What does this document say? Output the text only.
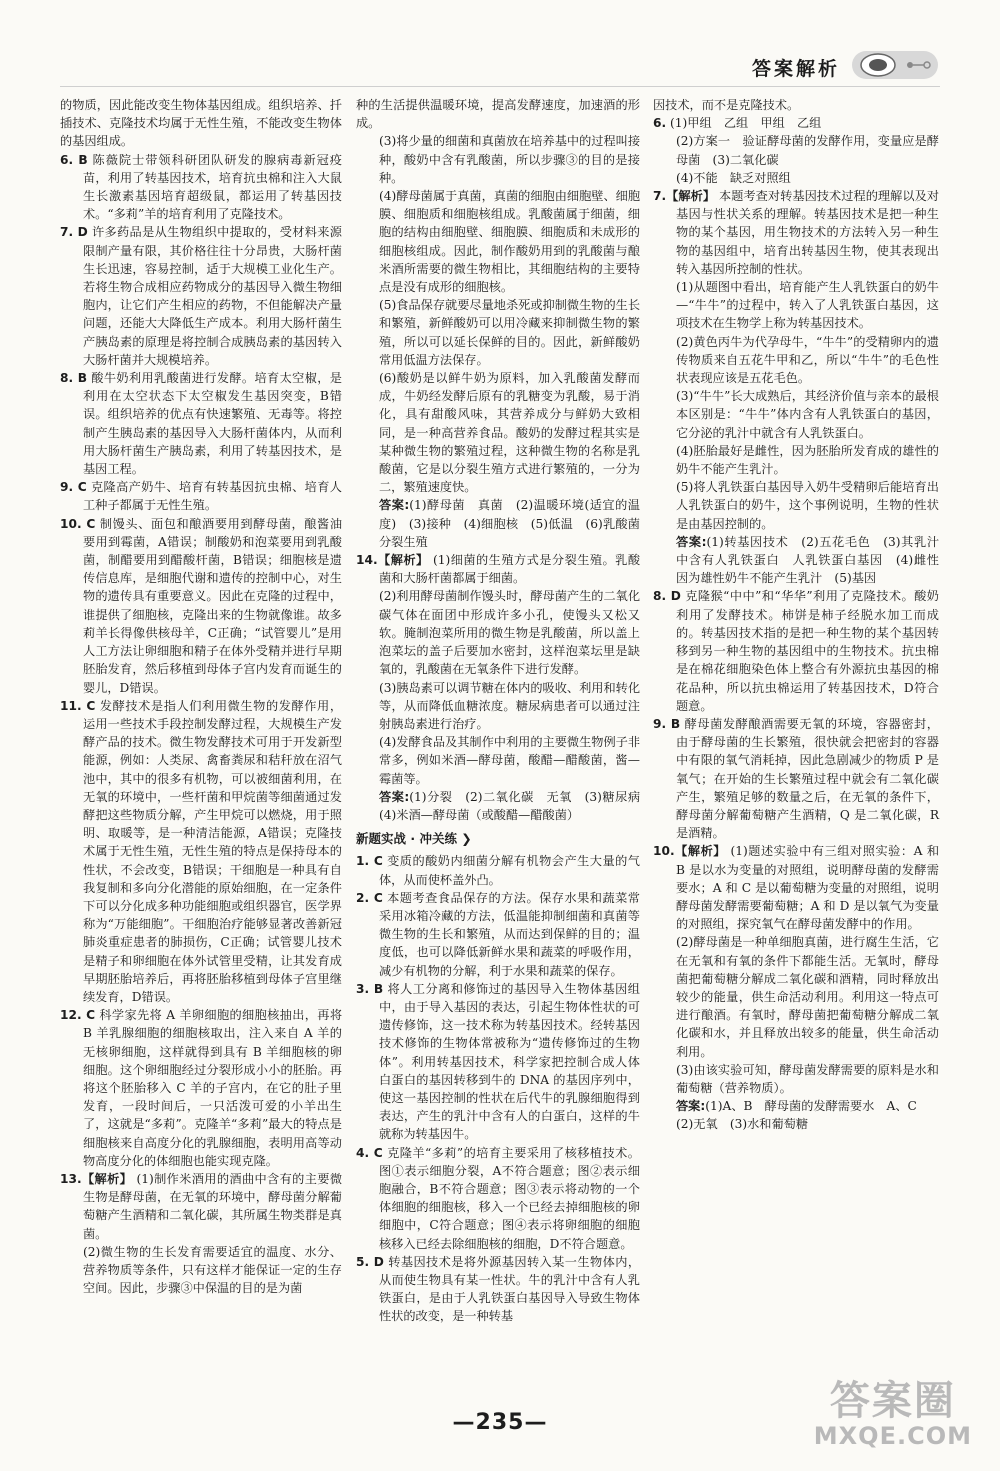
答案解析
的物质，因此能改变生物体基因组成。组织培养、扦插技术、克隆技术均属于无性生殖，不能改变生物体的基因组成。
6. B 陈薇院士带领科研团队研发的腺病毒新冠疫苗，利用了转基因技术，培育抗虫棉和注入大鼠生长激素基因培育超级鼠，都运用了转基因技术。“多莉”羊的培育利用了克隆技术。
7. D 许多药品是从生物组织中提取的，受材料来源限制产量有限，其价格往往十分昂贵，大肠杆菌生长迅速，容易控制，适于大规模工业化生产。若将生物合成相应药物成分的基因导入微生物细胞内，让它们产生相应的药物，不但能解决产量问题，还能大大降低生产成本。利用大肠杆菌生产胰岛素的原理是将控制合成胰岛素的基因转入大肠杆菌并大规模培养。
8. B 酸牛奶利用乳酸菌进行发酵。培育太空椒，是利用在太空状态下太空椒发生基因突变，B错误。组织培养的优点有快速繁殖、无毒等。将控制产生胰岛素的基因导入大肠杆菌体内，从而利用大肠杆菌生产胰岛素，利用了转基因技术，是基因工程。
9. C 克隆高产奶牛、培育有转基因抗虫棉、培育人工种子都属于无性生殖。
10. C 制馒头、面包和酿酒要用到酵母菌，酿酱油要用到霉菌，A错误；制酸奶和泡菜要用到乳酸菌，制醋要用到醋酸杆菌，B错误；细胞核是遗传信息库，是细胞代谢和遗传的控制中心，对生物的遗传具有重要意义。因此在克隆的过程中，谁提供了细胞核，克隆出来的生物就像谁。故多莉羊长得像供核母羊，C正确；“试管婴儿”是用人工方法让卵细胞和精子在体外受精并进行早期胚胎发育，然后移植到母体子宫内发育而诞生的婴儿，D错误。
11. C 发酵技术是指人们利用微生物的发酵作用，运用一些技术手段控制发酵过程，大规模生产发酵产品的技术。微生物发酵技术可用于开发新型能源，例如：人类尿、禽畜粪尿和秸秆放在沼气池中，其中的很多有机物，可以被细菌利用，在无氧的环境中，一些杆菌和甲烷菌等细菌通过发酵把这些物质分解，产生甲烷可以燃烧，用于照明、取暖等，是一种清洁能源，A错误；克隆技术属于无性生殖，无性生殖的特点是保持母本的性状，不会改变，B错误；干细胞是一种具有自我复制和多向分化潜能的原始细胞，在一定条件下可以分化成多种功能细胞或组织器官，医学界称为“万能细胞”。干细胞治疗能够显著改善新冠肺炎重症患者的肺损伤，C正确；试管婴儿技术是精子和卵细胞在体外试管里受精，让其发育成早期胚胎培养后，再将胚胎移植到母体子宫里继续发育，D错误。
12. C 科学家先将 A 羊卵细胞的细胞核抽出，再将 B 羊乳腺细胞的细胞核取出，注入来自 A 羊的无核卵细胞，这样就得到具有 B 羊细胞核的卵细胞。这个卵细胞经过分裂形成小小的胚胎。再将这个胚胎移入 C 羊的子宫内，在它的肚子里发育，一段时间后，一只活泼可爱的小羊出生了，这就是“多莉”。克隆羊“多莉”最大的特点是细胞核来自高度分化的乳腺细胞，表明用高等动物高度分化的体细胞也能实现克隆。
13.【解析】 (1)制作米酒用的酒曲中含有的主要微生物是酵母菌，在无氧的环境中，酵母菌分解葡萄糖产生酒精和二氧化碳，其所属生物类群是真菌。
(2)微生物的生长发育需要适宜的温度、水分、营养物质等条件，只有这样才能保证一定的生存空间。因此，步骤③中保温的目的是为菌
种的生活提供温暖环境，提高发酵速度，加速酒的形成。
(3)将少量的细菌和真菌放在培养基中的过程叫接种，酸奶中含有乳酸菌，所以步骤③的目的是接种。
(4)酵母菌属于真菌，真菌的细胞由细胞壁、细胞膜、细胞质和细胞核组成。乳酸菌属于细菌，细胞的结构由细胞壁、细胞膜、细胞质和未成形的细胞核组成。因此，制作酸奶用到的乳酸菌与酿米酒所需要的微生物相比，其细胞结构的主要特点是没有成形的细胞核。
(5)食品保存就要尽量地杀死或抑制微生物的生长和繁殖，新鲜酸奶可以用冷藏来抑制微生物的繁殖，所以可以延长保鲜的目的。因此，新鲜酸奶常用低温方法保存。
(6)酸奶是以鲜牛奶为原料，加入乳酸菌发酵而成，牛奶经发酵后原有的乳糖变为乳酸，易于消化，具有甜酸风味，其营养成分与鲜奶大致相同，是一种高营养食品。酸奶的发酵过程其实是某种微生物的繁殖过程，这种微生物的名称是乳酸菌，它是以分裂生殖方式进行繁殖的，一分为二，繁殖速度快。
答案:(1)酵母菌　真菌　(2)温暖环境(适宜的温度)　(3)接种　(4)细胞核　(5)低温　(6)乳酸菌　分裂生殖
14.【解析】 (1)细菌的生殖方式是分裂生殖。乳酸菌和大肠杆菌都属于细菌。
(2)利用酵母菌制作馒头时，酵母菌产生的二氧化碳气体在面团中形成许多小孔，使馒头又松又软。腌制泡菜所用的微生物是乳酸菌，所以盖上泡菜坛的盖子后要加水密封，这样泡菜坛里是缺氧的，乳酸菌在无氧条件下进行发酵。
(3)胰岛素可以调节糖在体内的吸收、利用和转化等，从而降低血糖浓度。糖尿病患者可以通过注射胰岛素进行治疗。
(4)发酵食品及其制作中利用的主要微生物例子非常多，例如米酒—酵母菌，酸醋—醋酸菌，酱—霉菌等。
答案:(1)分裂　(2)二氧化碳　无氧　(3)糖尿病　(4)米酒—酵母菌（或酸醋—醋酸菌）
新题实战 · 冲关练 ❯
1. C 变质的酸奶内细菌分解有机物会产生大量的气体，从而使杯盖外凸。
2. C 本题考查食品保存的方法。保存水果和蔬菜常采用冰箱冷藏的方法，低温能抑制细菌和真菌等微生物的生长和繁殖，从而达到保鲜的目的；温度低，也可以降低新鲜水果和蔬菜的呼吸作用，减少有机物的分解，利于水果和蔬菜的保存。
3. B 将人工分离和修饰过的基因导入生物体基因组中，由于导入基因的表达，引起生物体性状的可遗传修饰，这一技术称为转基因技术。经转基因技术修饰的生物体常被称为“遗传修饰过的生物体”。利用转基因技术，科学家把控制合成人体白蛋白的基因转移到牛的 DNA 的基因序列中，使这一基因控制的性状在后代牛的乳腺细胞得到表达，产生的乳汁中含有人的白蛋白，这样的牛就称为转基因牛。
4. C 克隆羊“多莉”的培育主要采用了核移植技术。图①表示细胞分裂，A不符合题意；图②表示细胞融合，B不符合题意；图③表示将动物的一个体细胞的细胞核，移入一个已经去掉细胞核的卵细胞中，C符合题意；图④表示将卵细胞的细胞核移入已经去除细胞核的细胞，D不符合题意。
5. D 转基因技术是将外源基因转入某一生物体内，从而使生物具有某一性状。牛的乳汁中含有人乳铁蛋白，是由于人乳铁蛋白基因导入导致生物体性状的改变，是一种转基
因技术，而不是克隆技术。
6. (1)甲组　乙组　甲组　乙组
(2)方案一　验证酵母菌的发酵作用，变量应是酵母菌　(3)二氧化碳
(4)不能　缺乏对照组
7.【解析】 本题考查对转基因技术过程的理解以及对基因与性状关系的理解。转基因技术是把一种生物的某个基因，用生物技术的方法转入另一种生物的基因组中，培育出转基因生物，使其表现出转入基因所控制的性状。
(1)从题图中看出，培育能产生人乳铁蛋白的奶牛—“牛牛”的过程中，转入了人乳铁蛋白基因，这项技术在生物学上称为转基因技术。
(2)黄色丙牛为代孕母牛，“牛牛”的受精卵内的遗传物质来自五花牛甲和乙，所以“牛牛”的毛色性状表现应该是五花毛色。
(3)“牛牛”长大成熟后，其经济价值与亲本的最根本区别是：“牛牛”体内含有人乳铁蛋白的基因，它分泌的乳汁中就含有人乳铁蛋白。
(4)胚胎最好是雌性，因为胚胎所发育成的雄性的奶牛不能产生乳汁。
(5)将人乳铁蛋白基因导入奶牛受精卵后能培育出人乳铁蛋白的奶牛，这个事例说明，生物的性状是由基因控制的。
答案:(1)转基因技术　(2)五花毛色　(3)其乳汁中含有人乳铁蛋白　人乳铁蛋白基因　(4)雌性　因为雄性奶牛不能产生乳汁　(5)基因
8. D 克隆猴“中中”和“华华”利用了克隆技术。酸奶利用了发酵技术。柿饼是柿子经脱水加工而成的。转基因技术指的是把一种生物的某个基因转移到另一种生物的基因组中的生物技术。抗虫棉是在棉花细胞染色体上整合有外源抗虫基因的棉花品种，所以抗虫棉运用了转基因技术，D符合题意。
9. B 酵母菌发酵酿酒需要无氧的环境，容器密封，由于酵母菌的生长繁殖，很快就会把密封的容器中有限的氧气消耗掉，因此急剧减少的物质 P 是氧气；在开始的生长繁殖过程中就会有二氧化碳产生，繁殖足够的数量之后，在无氧的条件下，酵母菌分解葡萄糖产生酒精，Q 是二氧化碳，R 是酒精。
10.【解析】 (1)题述实验中有三组对照实验：A 和 B 是以水为变量的对照组，说明酵母菌的发酵需要水；A 和 C 是以葡萄糖为变量的对照组，说明酵母菌发酵需要葡萄糖；A 和 D 是以氧气为变量的对照组，探究氧气在酵母菌发酵中的作用。
(2)酵母菌是一种单细胞真菌，进行腐生生活，它在无氧和有氧的条件下都能生活。无氧时，酵母菌把葡萄糖分解成二氧化碳和酒精，同时释放出较少的能量，供生命活动利用。利用这一特点可进行酿酒。有氧时，酵母菌把葡萄糖分解成二氧化碳和水，并且释放出较多的能量，供生命活动利用。
(3)由该实验可知，酵母菌发酵需要的原料是水和葡萄糖（营养物质）。
答案:(1)A、B　酵母菌的发酵需要水　A、C
(2)无氧　(3)水和葡萄糖
—235—	答案圈
MXQE.COM
